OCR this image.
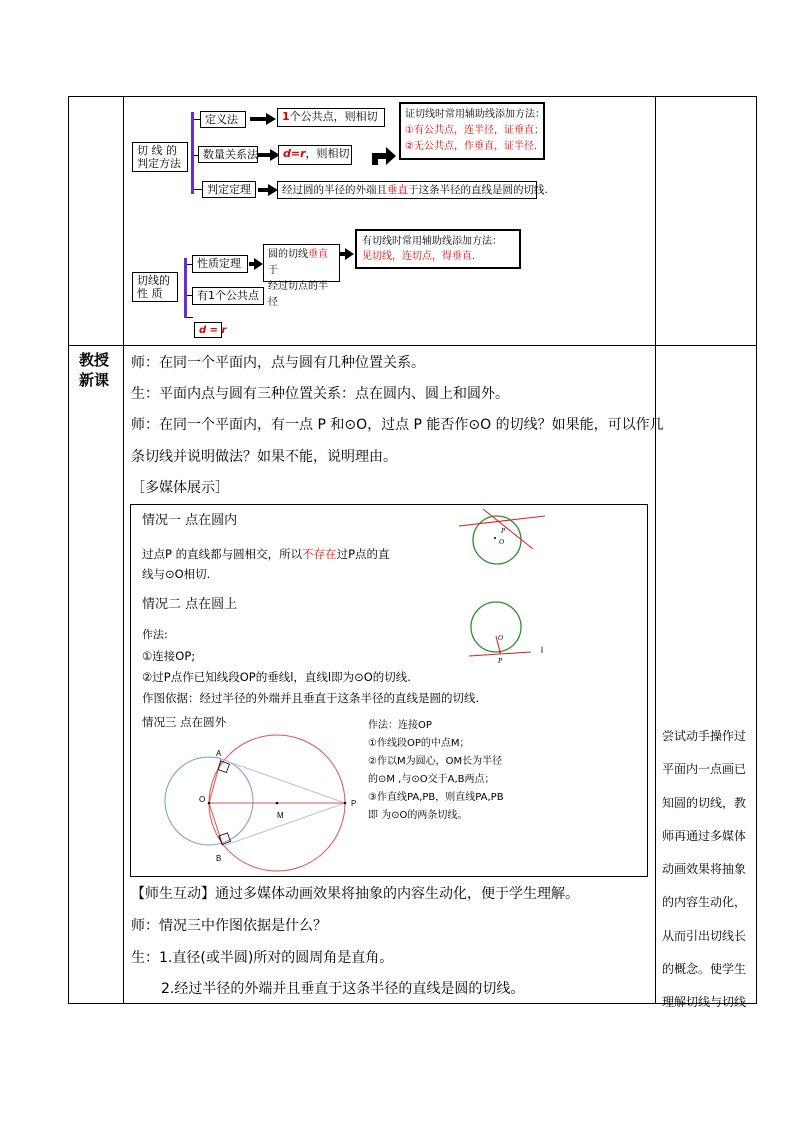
切 线 的
判定方法
定义法	1个公共点，则相切
数量关系法	d=r，则相切
判定定理	经过圆的半径的外端且垂直于这条半径的直线是圆的切线.
证切线时常用辅助线添加方法：
①有公共点，连半径，证垂直；
②无公共点，作垂直，证半径.
切线的
性 质
性质定理
圆的切线垂直于
经过切点的半径
有1个公共点
d = r
有切线时常用辅助线添加方法：
见切线，连切点，得垂直.
教授
新课
师：在同一个平面内，点与圆有几种位置关系。
生：平面内点与圆有三种位置关系：点在圆内、圆上和圆外。
师：在同一个平面内，有一点 P 和⊙O，过点 P 能否作⊙O 的切线？如果能，可以作几
条切线并说明做法？如果不能，说明理由。
［多媒体展示］
情况一 点在圆内
过点P 的直线都与圆相交，所以不存在过P点的直
线与⊙O相切.
P
O
情况二 点在圆上
作法:
①连接OP;
②过P点作已知线段OP的垂线l，直线l即为⊙O的切线.
作图依据：经过半径的外端并且垂直于这条半径的直线是圆的切线.
O
P
l
情况三 点在圆外
A
B
O
M
P
作法：连接OP
①作线段OP的中点M；
②作以M为圆心，OM长为半径
的⊙M ,与⊙O交于A,B两点；
③作直线PA,PB，则直线PA,PB
即 为⊙O的两条切线。
【师生互动】通过多媒体动画效果将抽象的内容生动化，便于学生理解。
师：情况三中作图依据是什么？
生：1.直径(或半圆)所对的圆周角是直角。
2.经过半径的外端并且垂直于这条半径的直线是圆的切线。
尝试动手操作过
平面内一点画已
知圆的切线，教
师再通过多媒体
动画效果将抽象
的内容生动化，
从而引出切线长
的概念。使学生
理解切线与切线
